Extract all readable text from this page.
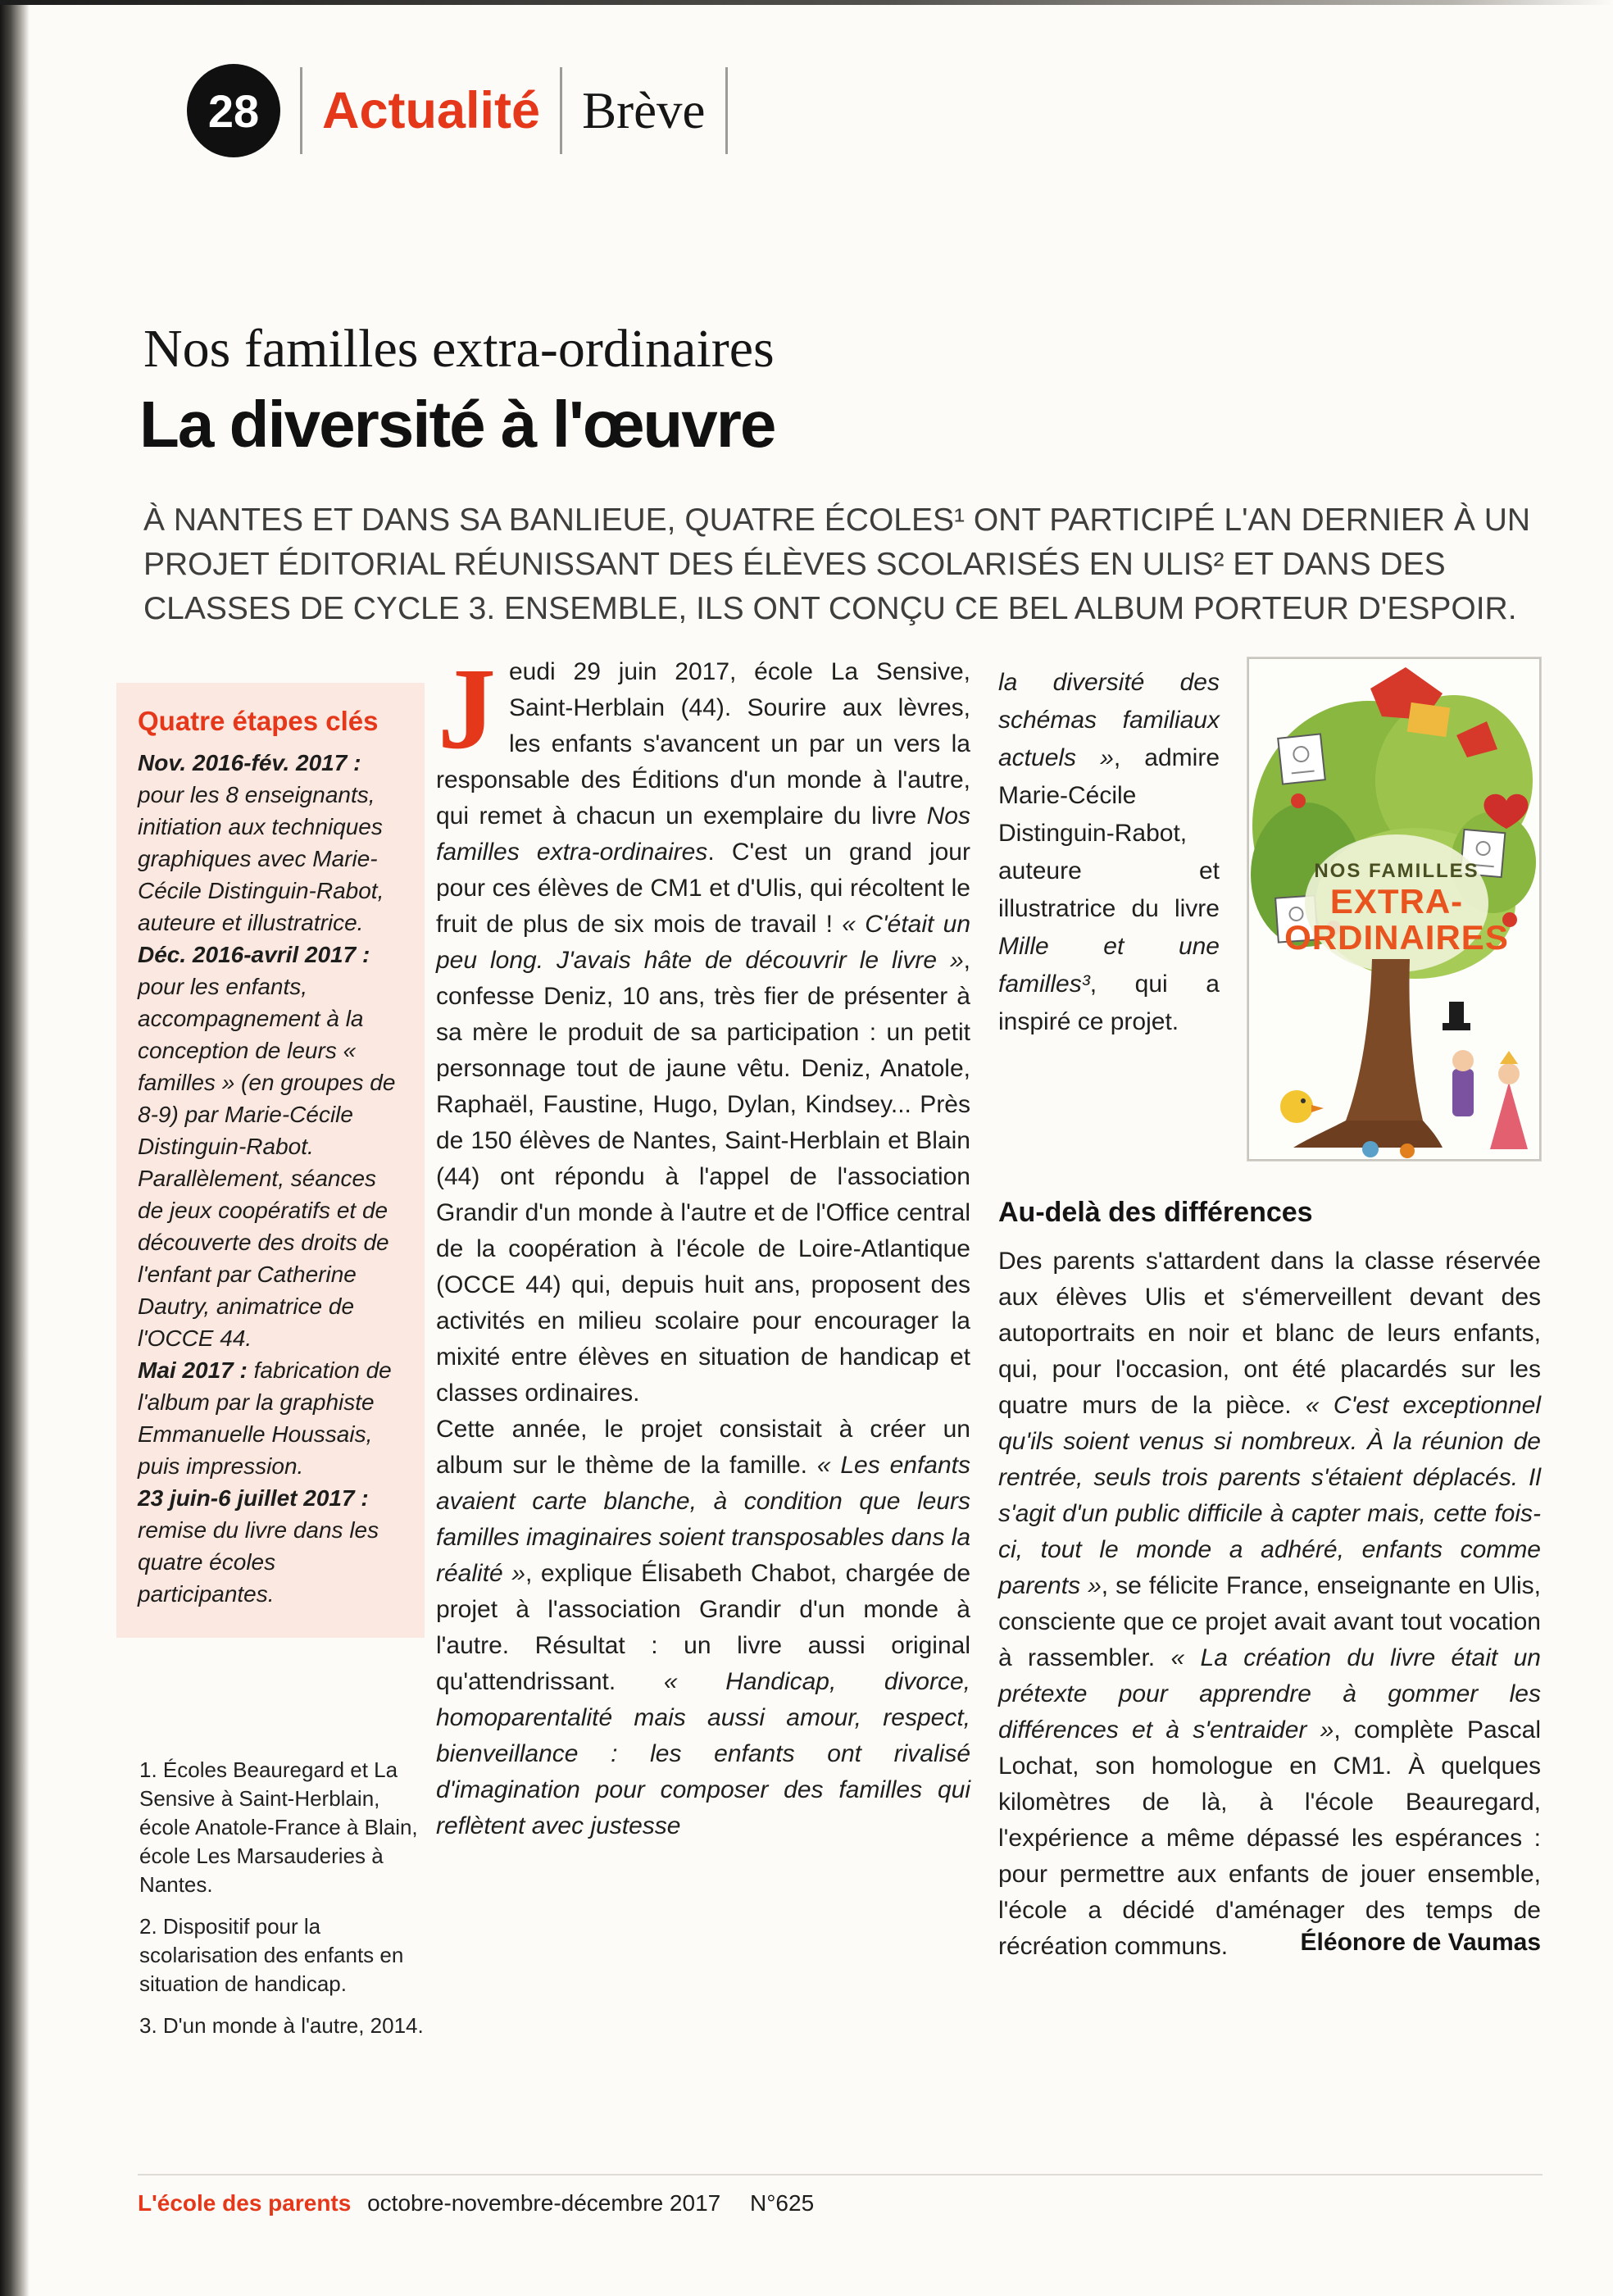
28 Actualité Brève
Nos familles extra-ordinaires
La diversité à l'œuvre

À NANTES ET DANS SA BANLIEUE, QUATRE ÉCOLES¹ ONT PARTICIPÉ L'AN DERNIER À UN PROJET ÉDITORIAL RÉUNISSANT DES ÉLÈVES SCOLARISÉS EN ULIS² ET DANS DES CLASSES DE CYCLE 3. ENSEMBLE, ILS ONT CONÇU CE BEL ALBUM PORTEUR D'ESPOIR.

Quatre étapes clés

Nov. 2016-fév. 2017 : pour les 8 enseignants, initiation aux techniques graphiques avec Marie-Cécile Distinguin-Rabot, auteure et illustratrice.

Déc. 2016-avril 2017 : pour les enfants, accompagnement à la conception de leurs « familles » (en groupes de 8-9) par Marie-Cécile Distinguin-Rabot. Parallèlement, séances de jeux coopératifs et de découverte des droits de l'enfant par Catherine Dautry, animatrice de l'OCCE 44.

Mai 2017 : fabrication de l'album par la graphiste Emmanuelle Houssais, puis impression.

23 juin-6 juillet 2017 : remise du livre dans les quatre écoles participantes.

1. Écoles Beauregard et La Sensive à Saint-Herblain, école Anatole-France à Blain, école Les Marsauderies à Nantes.

2. Dispositif pour la scolarisation des enfants en situation de handicap.

3. D'un monde à l'autre, 2014.

Jeudi 29 juin 2017, école La Sensive, Saint-Herblain (44). Sourire aux lèvres, les enfants s'avancent un par un vers la responsable des Éditions d'un monde à l'autre, qui remet à chacun un exemplaire du livre Nos familles extra-ordinaires. C'est un grand jour pour ces élèves de CM1 et d'Ulis, qui récoltent le fruit de plus de six mois de travail ! « C'était un peu long. J'avais hâte de découvrir le livre », confesse Deniz, 10 ans, très fier de présenter à sa mère le produit de sa participation : un petit personnage tout de jaune vêtu. Deniz, Anatole, Raphaël, Faustine, Hugo, Dylan, Kindsey... Près de 150 élèves de Nantes, Saint-Herblain et Blain (44) ont répondu à l'appel de l'association Grandir d'un monde à l'autre et de l'Office central de la coopération à l'école de Loire-Atlantique (OCCE 44) qui, depuis huit ans, proposent des activités en milieu scolaire pour encourager la mixité entre élèves en situation de handicap et classes ordinaires.

Cette année, le projet consistait à créer un album sur le thème de la famille. « Les enfants avaient carte blanche, à condition que leurs familles imaginaires soient transposables dans la réalité », explique Élisabeth Chabot, chargée de projet à l'association Grandir d'un monde à l'autre. Résultat : un livre aussi original qu'attendrissant. « Handicap, divorce, homoparentalité mais aussi amour, respect, bienveillance : les enfants ont rivalisé d'imagination pour composer des familles qui reflètent avec justesse

la diversité des schémas familiaux actuels », admire Marie-Cécile Distinguin-Rabot, auteure et illustratrice du livre Mille et une familles³, qui a inspiré ce projet.

NOS FAMILLES
EXTRA-
ORDINAIRES
Au-delà des différences

Des parents s'attardent dans la classe réservée aux élèves Ulis et s'émerveillent devant des autoportraits en noir et blanc de leurs enfants, qui, pour l'occasion, ont été placardés sur les quatre murs de la pièce. « C'est exceptionnel qu'ils soient venus si nombreux. À la réunion de rentrée, seuls trois parents s'étaient déplacés. Il s'agit d'un public difficile à capter mais, cette fois-ci, tout le monde a adhéré, enfants comme parents », se félicite France, enseignante en Ulis, consciente que ce projet avait avant tout vocation à rassembler. « La création du livre était un prétexte pour apprendre à gommer les différences et à s'entraider », complète Pascal Lochat, son homologue en CM1. À quelques kilomètres de là, à l'école Beauregard, l'expérience a même dépassé les espérances : pour permettre aux enfants de jouer ensemble, l'école a décidé d'aménager des temps de récréation communs.	Éléonore de Vaumas
L'école des parents octobre-novembre-décembre 2017 N°625
